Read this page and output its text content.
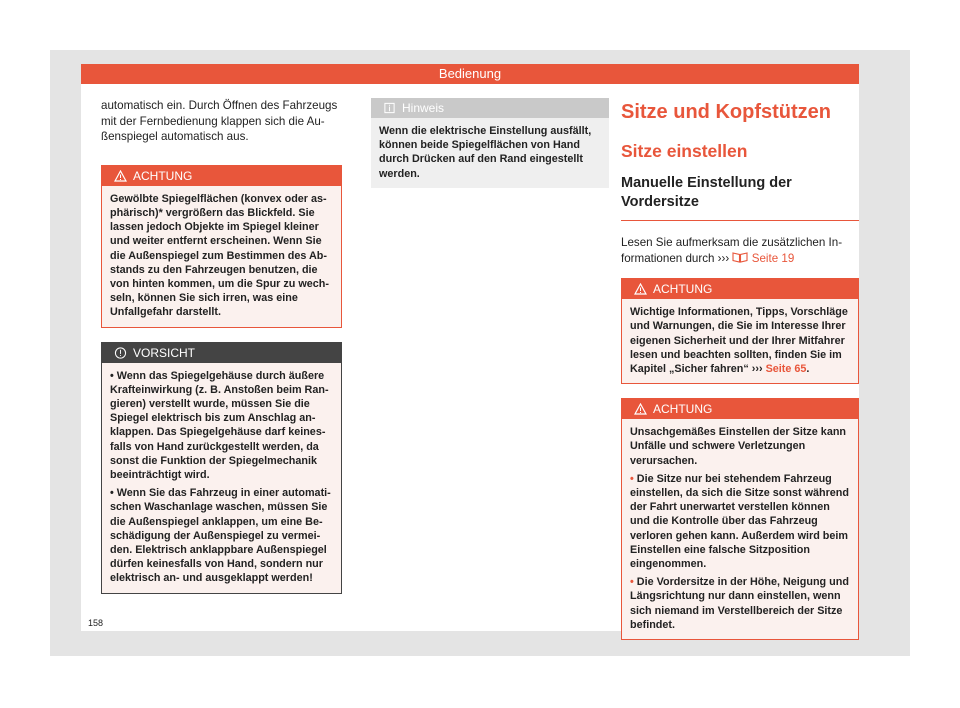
Bedienung

automatisch ein. Durch Öffnen des Fahrzeugs mit der Fernbedienung klappen sich die Außenspiegel automatisch aus.

ACHTUNG
Gewölbte Spiegelflächen (konvex oder asphärisch)* vergrößern das Blickfeld. Sie lassen jedoch Objekte im Spiegel kleiner und weiter entfernt erscheinen. Wenn Sie die Außenspiegel zum Bestimmen des Abstands zu den Fahrzeugen benutzen, die von hinten kommen, um die Spur zu wechseln, können Sie sich irren, was eine Unfallgefahr darstellt.
VORSICHT

• Wenn das Spiegelgehäuse durch äußere Krafteinwirkung (z. B. Anstoßen beim Rangieren) verstellt wurde, müssen Sie die Spiegel elektrisch bis zum Anschlag anklappen. Das Spiegelgehäuse darf keinesfalls von Hand zurückgestellt werden, da sonst die Funktion der Spiegelmechanik beeinträchtigt wird.

• Wenn Sie das Fahrzeug in einer automatischen Waschanlage waschen, müssen Sie die Außenspiegel anklappen, um eine Beschädigung der Außenspiegel zu vermeiden. Elektrisch anklappbare Außenspiegel dürfen keinesfalls von Hand, sondern nur elektrisch an- und ausgeklappt werden!

Hinweis
Wenn die elektrische Einstellung ausfällt, können beide Spiegelflächen von Hand durch Drücken auf den Rand eingestellt werden.
Sitze und Kopfstützen
Sitze einstellen
Manuelle Einstellung der Vordersitze

Lesen Sie aufmerksam die zusätzlichen Informationen durch ››› Seite 19

ACHTUNG
Wichtige Informationen, Tipps, Vorschläge und Warnungen, die Sie im Interesse Ihrer eigenen Sicherheit und der Ihrer Mitfahrer lesen und beachten sollten, finden Sie im Kapitel „Sicher fahren“ ››› Seite 65.
ACHTUNG

Unsachgemäßes Einstellen der Sitze kann Unfälle und schwere Verletzungen verursachen.

• Die Sitze nur bei stehendem Fahrzeug einstellen, da sich die Sitze sonst während der Fahrt unerwartet verstellen können und die Kontrolle über das Fahrzeug verloren gehen kann. Außerdem wird beim Einstellen eine falsche Sitzposition eingenommen.

• Die Vordersitze in der Höhe, Neigung und Längsrichtung nur dann einstellen, wenn sich niemand im Verstellbereich der Sitze befindet.

158
